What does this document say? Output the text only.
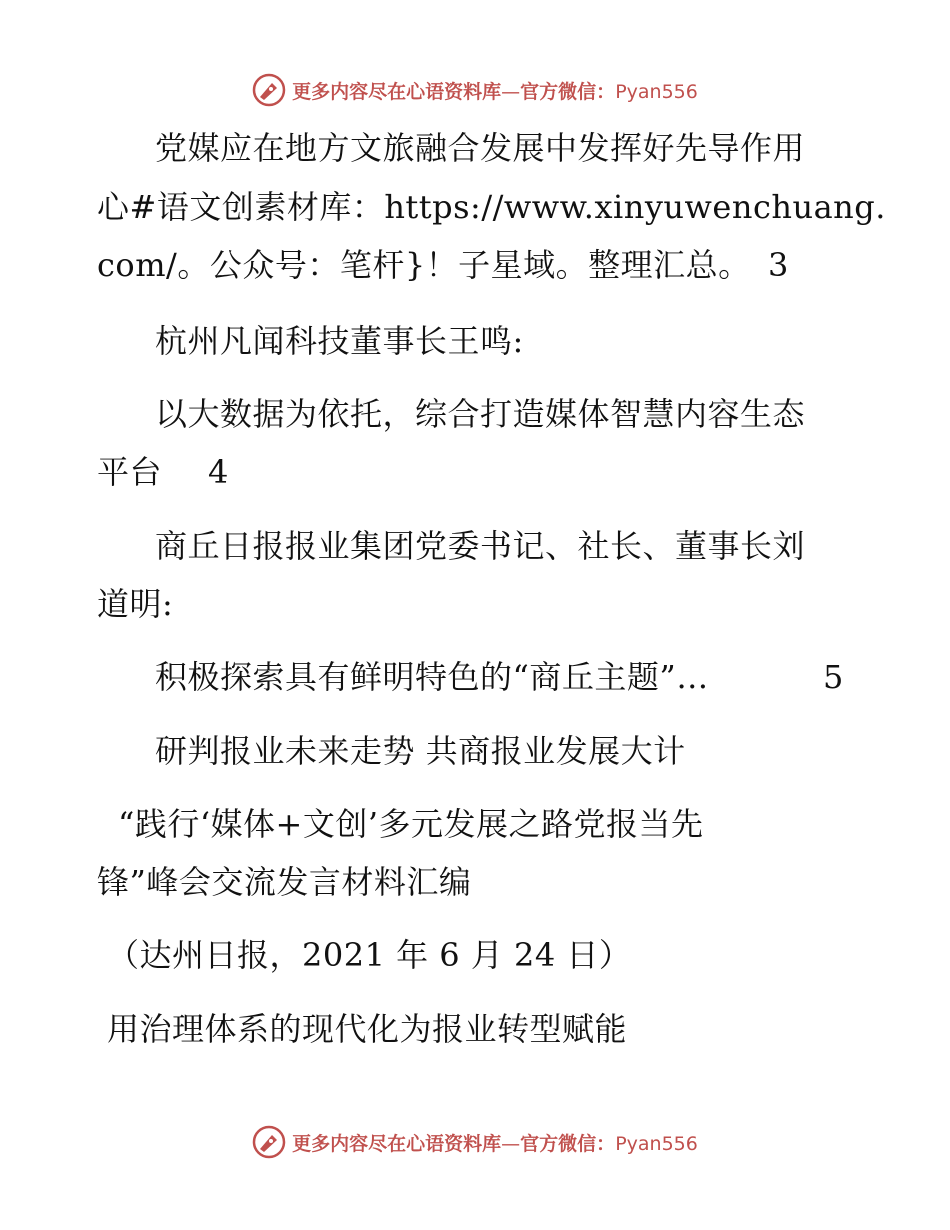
更多内容尽在心语资料库—官方微信：Pyan556
党媒应在地方文旅融合发展中发挥好先导作用
心#语文创素材库：https://www.xinyuwenchuang.
com/。公众号：笔杆}！子星域。整理汇总。 3
杭州凡闻科技董事长王鸣:
以大数据为依托，综合打造媒体智慧内容生态
平台 4
商丘日报报业集团党委书记、社长、董事长刘
道明:
积极探索具有鲜明特色的“商丘主题”…	5
研判报业未来走势 共商报业发展大计
“践行‘媒体+文创’多元发展之路党报当先
锋”峰会交流发言材料汇编
（达州日报，2021 年 6 月 24 日）
用治理体系的现代化为报业转型赋能
更多内容尽在心语资料库—官方微信：Pyan556
